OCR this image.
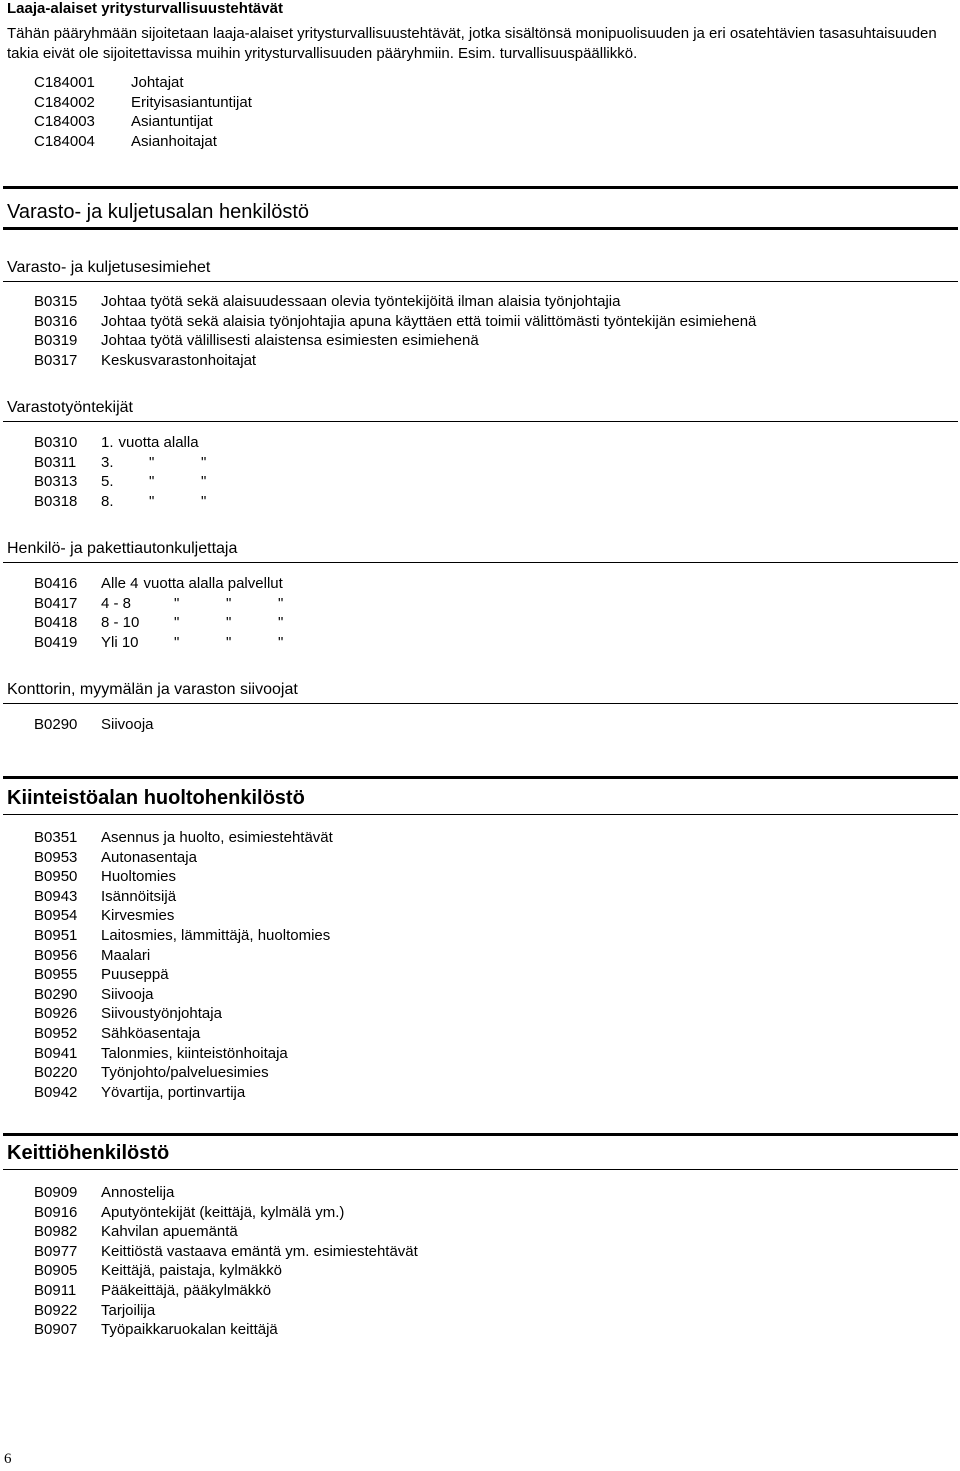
Laaja-alaiset yritysturvallisuustehtävät
Tähän pääryhmään sijoitetaan laaja-alaiset yritysturvallisuustehtävät, jotka sisältönsä monipuolisuuden ja eri osatehtävien tasasuhtaisuuden takia eivät ole sijoitettavissa muihin yritysturvallisuuden pääryhmiin. Esim. turvallisuuspäällikkö.
C184001	Johtajat
C184002	Erityisasiantuntijat
C184003	Asiantuntijat
C184004	Asianhoitajat
Varasto- ja kuljetusalan henkilöstö
Varasto- ja kuljetusesimiehet
B0315	Johtaa työtä sekä alaisuudessaan olevia työntekijöitä ilman alaisia työnjohtajia
B0316	Johtaa työtä sekä alaisia työnjohtajia apuna käyttäen että toimii välittömästi työntekijän esimiehenä
B0319	Johtaa työtä välillisesti alaistensa esimiesten esimiehenä
B0317	Keskusvarastonhoitajat
Varastotyöntekijät
B0310	1. vuotta alalla
B0311	3.	"	"
B0313	5.	"	"
B0318	8.	"	"
Henkilö- ja pakettiautonkuljettaja
B0416	Alle 4 vuotta alalla palvellut
B0417	4 - 8	"	"	"
B0418	8 - 10	"	"	"
B0419	Yli 10	"	"	"
Konttorin, myymälän ja varaston siivoojat
B0290	Siivooja
Kiinteistöalan huoltohenkilöstö
B0351	Asennus ja huolto, esimiestehtävät
B0953	Autonasentaja
B0950	Huoltomies
B0943	Isännöitsijä
B0954	Kirvesmies
B0951	Laitosmies, lämmittäjä, huoltomies
B0956	Maalari
B0955	Puuseppä
B0290	Siivooja
B0926	Siivoustyönjohtaja
B0952	Sähköasentaja
B0941	Talonmies, kiinteistönhoitaja
B0220	Työnjohto/palveluesimies
B0942	Yövartija, portinvartija
Keittiöhenkilöstö
B0909	Annostelija
B0916	Aputyöntekijät (keittäjä, kylmälä ym.)
B0982	Kahvilan apuemäntä
B0977	Keittiöstä vastaava emäntä ym. esimiestehtävät
B0905	Keittäjä, paistaja, kylmäkkö
B0911	Pääkeittäjä, pääkylmäkkö
B0922	Tarjoilija
B0907	Työpaikkaruokalan keittäjä
6
